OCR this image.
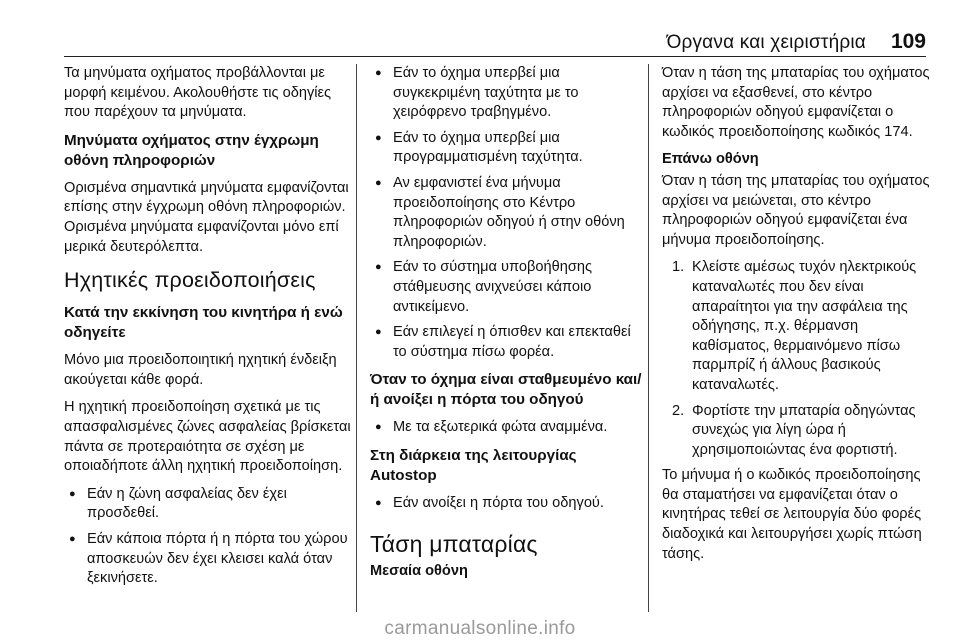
Όργανα και χειριστήρια 109

Τα μηνύματα οχήματος προβάλλονται με μορφή κειμένου. Ακολουθήστε τις οδηγίες που παρέχουν τα μηνύματα.

Μηνύματα οχήματος στην έγχρωμη οθόνη πληροφοριών

Ορισμένα σημαντικά μηνύματα εμφανίζονται επίσης στην έγχρωμη οθόνη πληροφοριών. Ορισμένα μηνύματα εμφανίζονται μόνο επί μερικά δευτερόλεπτα.

Ηχητικές προειδοποιήσεις
Κατά την εκκίνηση του κινητήρα ή ενώ οδηγείτε

Μόνο μια προειδοποιητική ηχητική ένδειξη ακούγεται κάθε φορά.

Η ηχητική προειδοποίηση σχετικά με τις απασφαλισμένες ζώνες ασφαλείας βρίσκεται πάντα σε προτεραιότητα σε σχέση με οποιαδήποτε άλλη ηχητική προειδοποίηση.

● Εάν η ζώνη ασφαλείας δεν έχει προσδεθεί.
● Εάν κάποια πόρτα ή η πόρτα του χώρου αποσκευών δεν έχει κλεισει καλά όταν ξεκινήσετε.
● Εάν το όχημα υπερβεί μια συγκεκριμένη ταχύτητα με το χειρόφρενο τραβηγμένο.
● Εάν το όχημα υπερβεί μια προγραμματισμένη ταχύτητα.
● Αν εμφανιστεί ένα μήνυμα προειδοποίησης στο Κέντρο πληροφοριών οδηγού ή στην οθόνη πληροφοριών.
● Εάν το σύστημα υποβοήθησης στάθμευσης ανιχνεύσει κάποιο αντικείμενο.
● Εάν επιλεγεί η όπισθεν και επεκταθεί το σύστημα πίσω φορέα.
Όταν το όχημα είναι σταθμευμένο και/ή ανοίξει η πόρτα του οδηγού
● Με τα εξωτερικά φώτα αναμμένα.
Στη διάρκεια της λειτουργίας Autostop
● Εάν ανοίξει η πόρτα του οδηγού.
Τάση μπαταρίας
Μεσαία οθόνη

Όταν η τάση της μπαταρίας του οχήματος αρχίσει να εξασθενεί, στο κέντρο πληροφοριών οδηγού εμφανίζεται ο κωδικός προειδοποίησης κωδικός 174.

Επάνω οθόνη

Όταν η τάση της μπαταρίας του οχήματος αρχίσει να μειώνεται, στο κέντρο πληροφοριών οδηγού εμφανίζεται ένα μήνυμα προειδοποίησης.

1. Κλείστε αμέσως τυχόν ηλεκτρικούς καταναλωτές που δεν είναι απαραίτητοι για την ασφάλεια της οδήγησης, π.χ. θέρμανση καθίσματος, θερμαινόμενο πίσω παρμπρίζ ή άλλους βασικούς καταναλωτές.
2. Φορτίστε την μπαταρία οδηγώντας συνεχώς για λίγη ώρα ή χρησιμοποιώντας ένα φορτιστή.

Το μήνυμα ή ο κωδικός προειδοποίησης θα σταματήσει να εμφανίζεται όταν ο κινητήρας τεθεί σε λειτουργία δύο φορές διαδοχικά και λειτουργήσει χωρίς πτώση τάσης.

carmanualsonline.info
